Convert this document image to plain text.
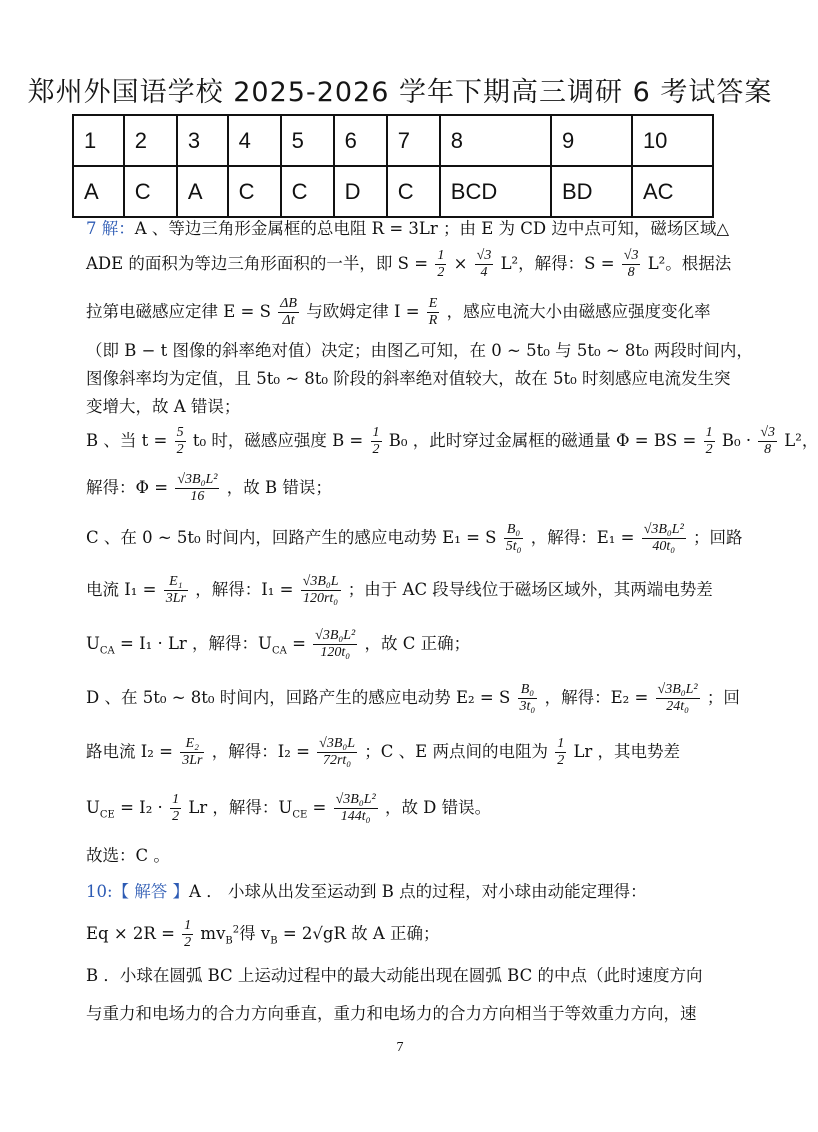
郑州外国语学校 2025-2026 学年下期高三调研 6 考试答案
1	2	3	4	5	6	7	8	9	10
A	C	A	C	C	D	C	BCD	BD	AC
7 解：A 、等边三角形金属框的总电阻 R = 3Lr ；由 E 为 CD 边中点可知，磁场区域△
ADE 的面积为等边三角形面积的一半，即 $S = \frac{1}{2} \times \frac{√3}{4} L^2$，解得：$S = \frac{√3}{8} L^2$。根据法
拉第电磁感应定律 E = S $\frac{\Delta B}{\Delta t}$ 与欧姆定律 $I = \frac{E}{R}$ ，感应电流大小由磁感应强度变化率
（即 B − t 图像的斜率绝对值）决定；由图乙可知，在 0 ~ 5t₀ 与 5t₀ ~ 8t₀ 两段时间内，
图像斜率均为定值，且 5t₀ ~ 8t₀ 阶段的斜率绝对值较大，故在 5t₀ 时刻感应电流发生突
变增大，故 A 错误；
B 、当 $t = \frac{5}{2} t_0$ 时，磁感应强度 $B = \frac{1}{2} B_0$ ，此时穿过金属框的磁通量 Φ = BS = $\frac{1}{2} B_0 \cdot \frac{√3}{8} L^2$，
解得：$\Phi = \frac{\text{√3B₀L²}}{16}$ ，故 B 错误；
C 、在 0 ~ 5t₀ 时间内，回路产生的感应电动势 E₁ = S $\frac{\text{B₀}}{\text{5t₀}}$ ，解得：$E_1 = \frac{\text{√3B₀L²}}{\text{40t₀}}$ ；回路
电流 $I_1 = \frac{\text{E₁}}{3Lr}$ ，解得：$I_1 = \frac{\text{√3B₀L}}{\text{120rt₀}}$ ；由于 AC 段导线位于磁场区域外，其两端电势差
$U_{CA} = I_1 \cdot Lr$ ，解得：$U_{CA} = \frac{\text{√3B₀L²}}{\text{120t₀}}$ ，故 C 正确；
D 、在 5t₀ ~ 8t₀ 时间内，回路产生的感应电动势 E₂ = S $\frac{\text{B₀}}{\text{3t₀}}$ ，解得：$E_2 = \frac{\text{√3B₀L²}}{\text{24t₀}}$ ；回
路电流 $I_2 = \frac{\text{E₂}}{3Lr}$ ，解得：$I_2 = \frac{\text{√3B₀L}}{\text{72rt₀}}$ ；C 、E 两点间的电阻为 $\frac{1}{2}$ Lr ，其电势差
$U_{CE} = I_2 \cdot \frac{1}{2}$ Lr ，解得：$U_{CE} = \frac{\text{√3B₀L²}}{\text{144t₀}}$ ，故 D 错误。
故选：C 。
10:【 解答 】A ． 小球从出发至运动到 B 点的过程，对小球由动能定理得：
$Eq \times 2R = \frac{1}{2} mv_B^2$得 $v_B = 2√gR$ 故 A 正确；
B ．小球在圆弧 BC 上运动过程中的最大动能出现在圆弧 BC 的中点（此时速度方向
与重力和电场力的合力方向垂直，重力和电场力的合力方向相当于等效重力方向，速
7
